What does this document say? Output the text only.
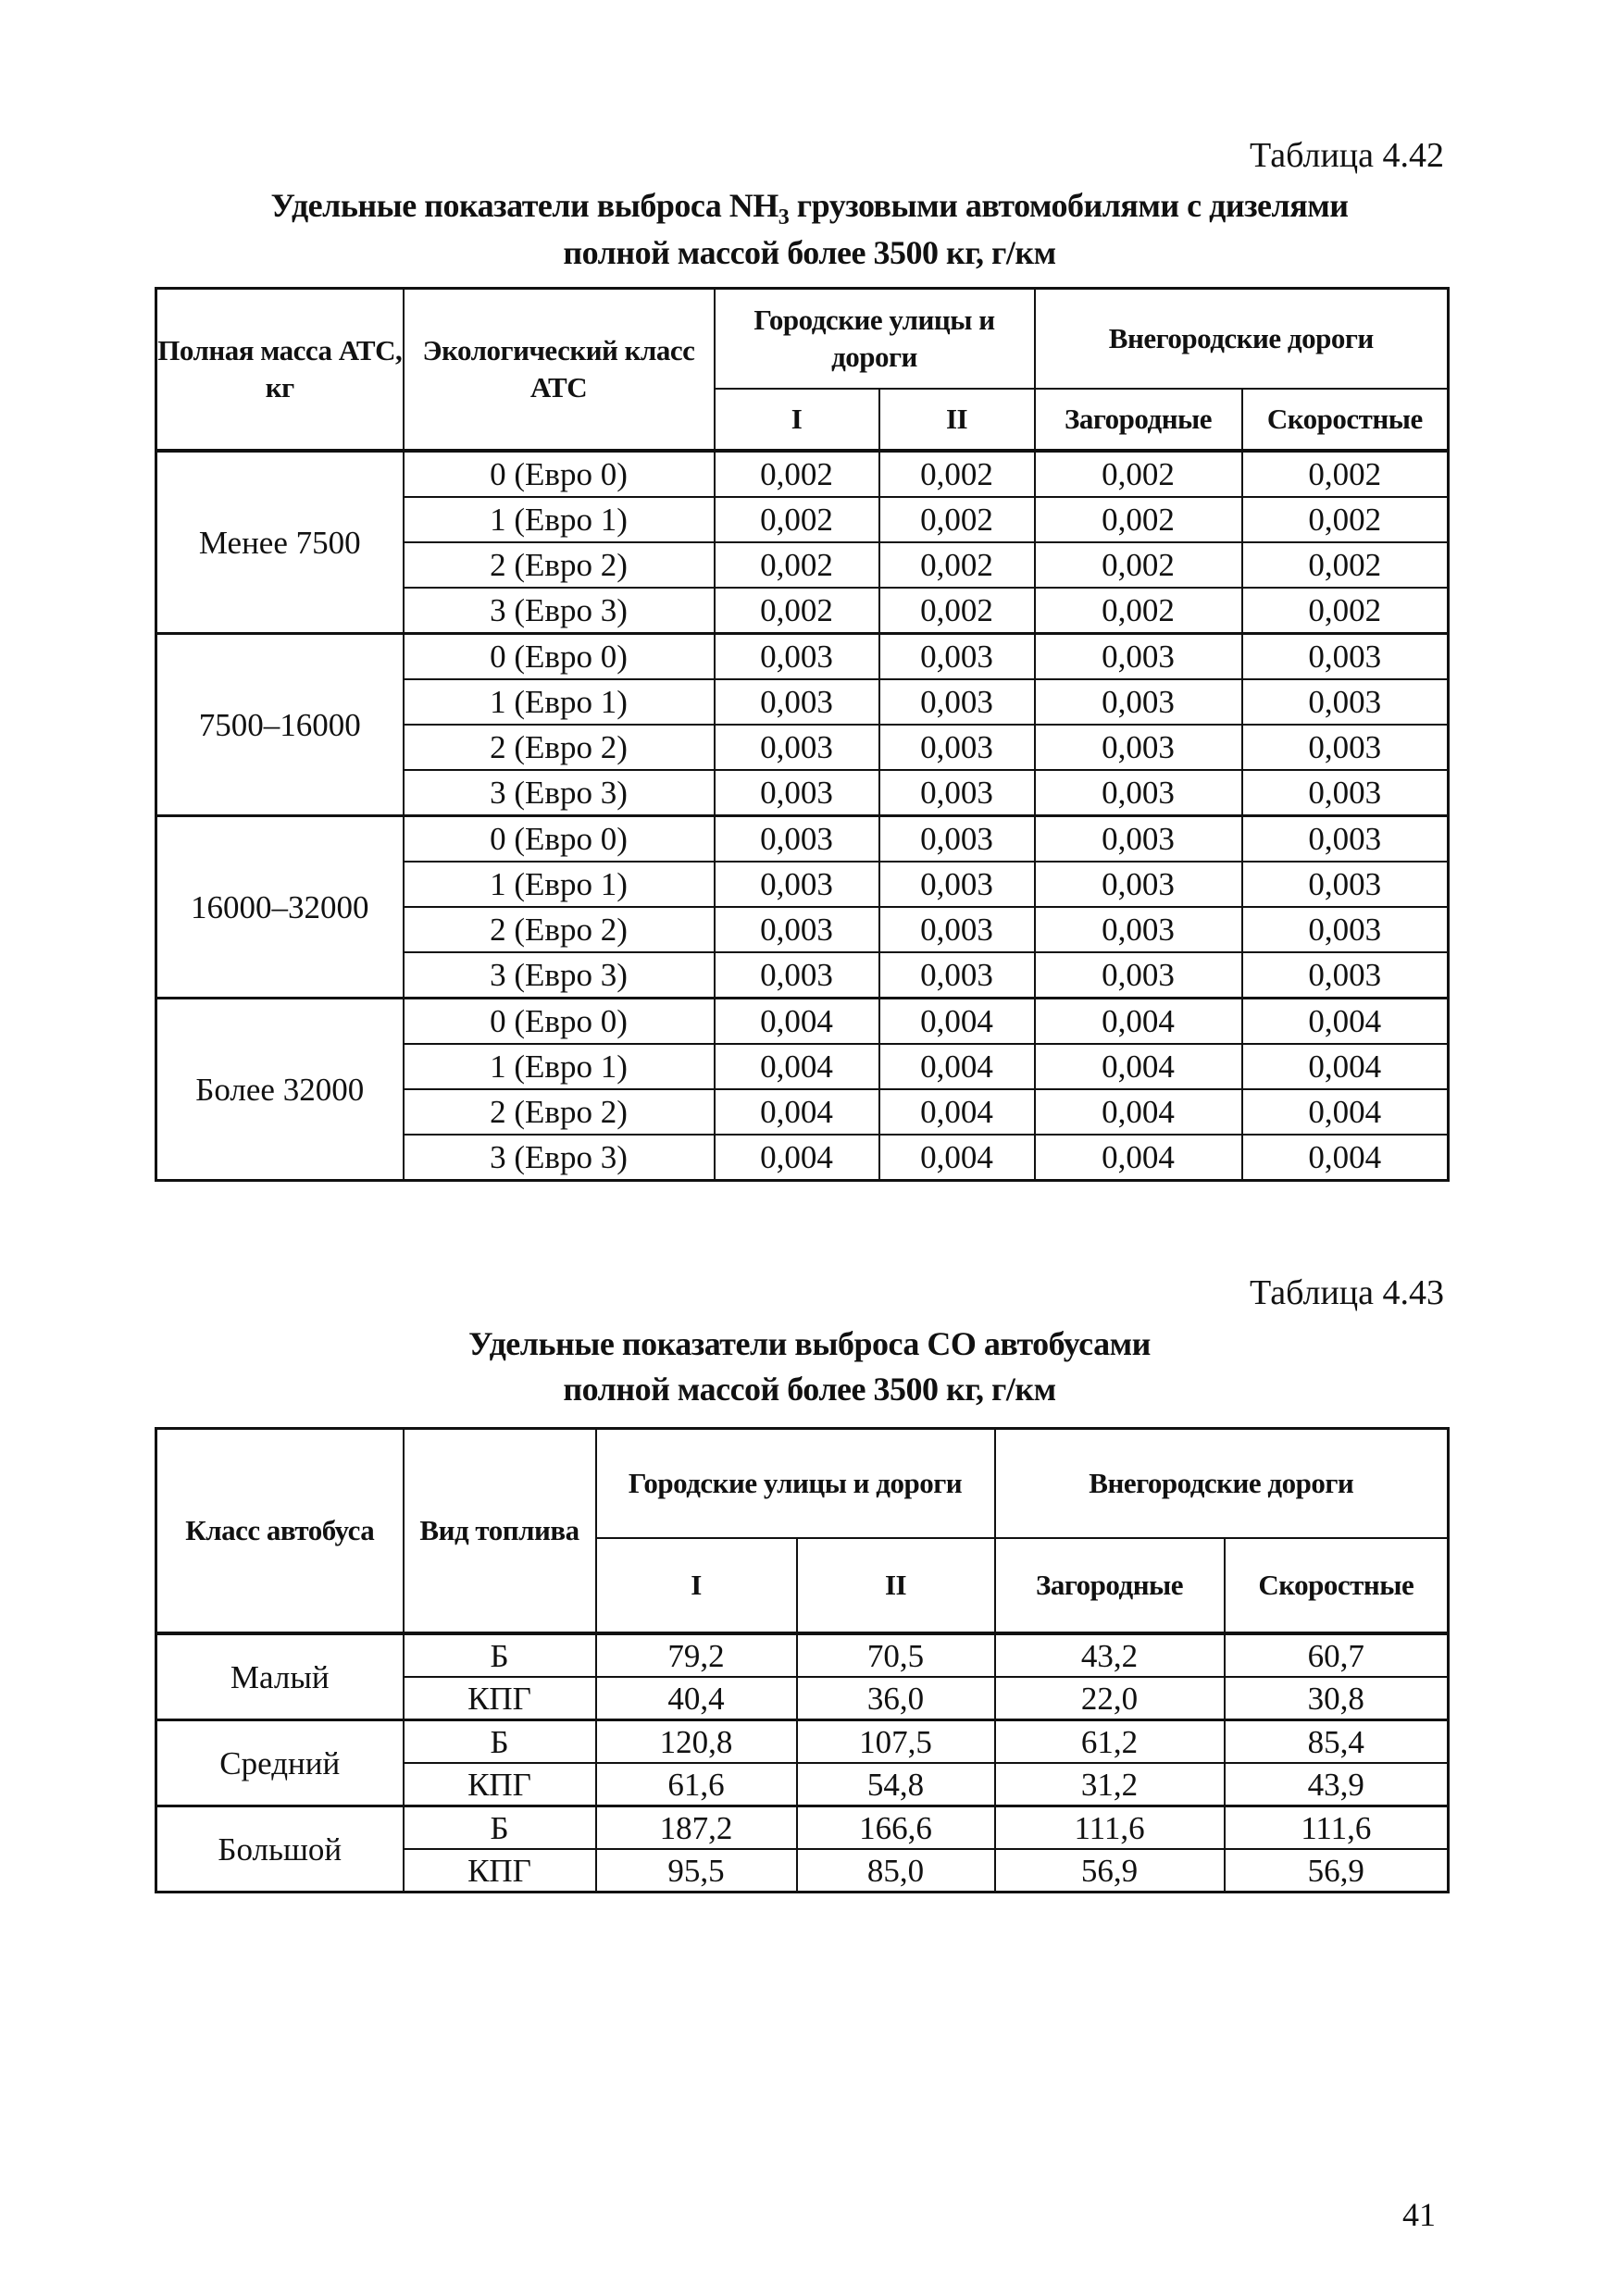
Таблица 4.42
Удельные показатели выброса $NH_3$ грузовыми автомобилями с дизелями
полной массой более 3500 кг, г/км
Полная масса АТС, кг	Экологический класс АТС	Городские улицы и дороги		Внегородские дороги	
		I	II	Загородные	Скоростные
Менее 7500	0 (Евро 0)	0,002	0,002	0,002	0,002
	1 (Евро 1)	0,002	0,002	0,002	0,002
	2 (Евро 2)	0,002	0,002	0,002	0,002
	3 (Евро 3)	0,002	0,002	0,002	0,002
7500–16000	0 (Евро 0)	0,003	0,003	0,003	0,003
	1 (Евро 1)	0,003	0,003	0,003	0,003
	2 (Евро 2)	0,003	0,003	0,003	0,003
	3 (Евро 3)	0,003	0,003	0,003	0,003
16000–32000	0 (Евро 0)	0,003	0,003	0,003	0,003
	1 (Евро 1)	0,003	0,003	0,003	0,003
	2 (Евро 2)	0,003	0,003	0,003	0,003
	3 (Евро 3)	0,003	0,003	0,003	0,003
Более 32000	0 (Евро 0)	0,004	0,004	0,004	0,004
	1 (Евро 1)	0,004	0,004	0,004	0,004
	2 (Евро 2)	0,004	0,004	0,004	0,004
	3 (Евро 3)	0,004	0,004	0,004	0,004
Таблица 4.43
Удельные показатели выброса СО автобусами
полной массой более 3500 кг, г/км
Класс автобуса	Вид топлива	Городские улицы и дороги		Внегородские дороги	
		I	II	Загородные	Скоростные
Малый	Б	79,2	70,5	43,2	60,7
	КПГ	40,4	36,0	22,0	30,8
Средний	Б	120,8	107,5	61,2	85,4
	КПГ	61,6	54,8	31,2	43,9
Большой	Б	187,2	166,6	111,6	111,6
	КПГ	95,5	85,0	56,9	56,9
41
